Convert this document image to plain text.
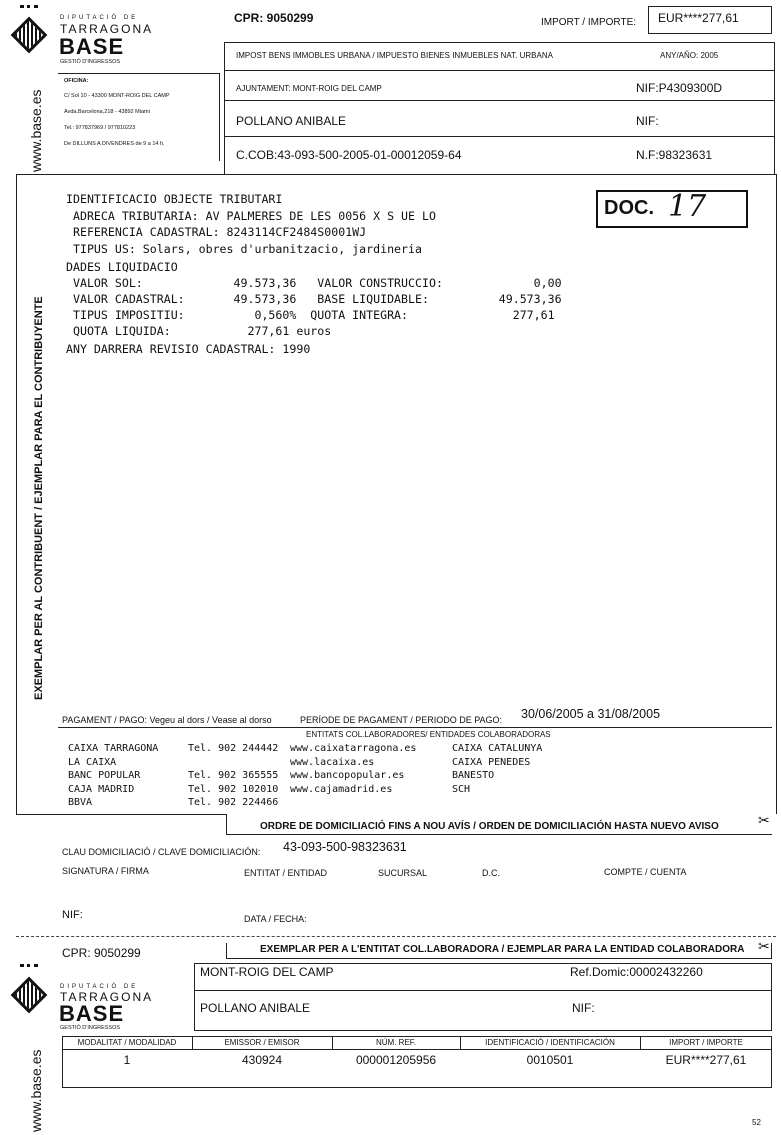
DIPUTACIÓ DE
TARRAGONA
BASE
GESTIÓ D'INGRESSOS
CPR: 9050299	IMPORT / IMPORTE: EUR****277,61
IMPOST BENS IMMOBLES URBANA / IMPUESTO BIENES INMUEBLES NAT. URBANA	ANY/AÑO: 2005
AJUNTAMENT: MONT-ROIG DEL CAMP	NIF:P4309300D
POLLANO ANIBALE	NIF:
C.COB:43-093-500-2005-01-00012059-64	N.F:98323631
OFICINA:
C/ Sol 10 - 43300 MONT-ROIG DEL CAMP
Avda.Barcelona,218 - 43892 Miami
Tel.: 977837969 / 977810223
De DILLUNS A DIVENDRES de 9 a 14 h.
www.base.es
EXEMPLAR PER AL CONTRIBUENT / EJEMPLAR PARA EL CONTRIBUYENTE
DOC. 17
IDENTIFICACIO OBJECTE TRIBUTARI
ADRECA TRIBUTARIA: AV PALMERES DE LES 0056 X S UE LO
REFERENCIA CADASTRAL: 8243114CF2484S0001WJ
TIPUS US: Solars, obres d'urbanitzacio, jardineria
DADES LIQUIDACIO
VALOR SOL:             49.573,36   VALOR CONSTRUCCIO:             0,00
VALOR CADASTRAL:       49.573,36   BASE LIQUIDABLE:          49.573,36
TIPUS IMPOSITIU:          0,560%  QUOTA INTEGRA:               277,61
QUOTA LIQUIDA:           277,61 euros
ANY DARRERA REVISIO CADASTRAL: 1990
PAGAMENT / PAGO: Vegeu al dors / Vease al dorso	PERÍODE DE PAGAMENT / PERIODO DE PAGO: 30/06/2005 a 31/08/2005
ENTITATS COL.LABORADORES/ ENTIDADES COLABORADORAS
CAIXA TARRAGONA	Tel. 902 244442 www.caixatarragona.es	CAIXA CATALUNYA
LA CAIXA	www.lacaixa.es	CAIXA PENEDES
BANC POPULAR	Tel. 902 365555 www.bancopopular.es	BANESTO
CAJA MADRID	Tel. 902 102010 www.cajamadrid.es	SCH
BBVA	Tel. 902 224466
ORDRE DE DOMICILIACIÓ FINS A NOU AVÍS / ORDEN DE DOMICILIACIÓN HASTA NUEVO AVISO	✂
CLAU DOMICILIACIÓ / CLAVE DOMICILIACIÓN: 43-093-500-98323631
SIGNATURA / FIRMA	ENTITAT / ENTIDAD	SUCURSAL	D.C.	COMPTE / CUENTA
NIF:	DATA / FECHA:
CPR: 9050299	EXEMPLAR PER A L'ENTITAT COL.LABORADORA / EJEMPLAR PARA LA ENTIDAD COLABORADORA ✂
DIPUTACIÓ DE
TARRAGONA
BASE
GESTIÓ D'INGRESSOS
MONT-ROIG DEL CAMP	Ref.Domic:00002432260
POLLANO ANIBALE	NIF:
MODALITAT / MODALIDAD
1
EMISSOR / EMISOR
430924
NÚM. REF.
000001205956
IDENTIFICACIÓ / IDENTIFICACIÓN
0010501
IMPORT / IMPORTE
EUR****277,61
www.base.es	52
